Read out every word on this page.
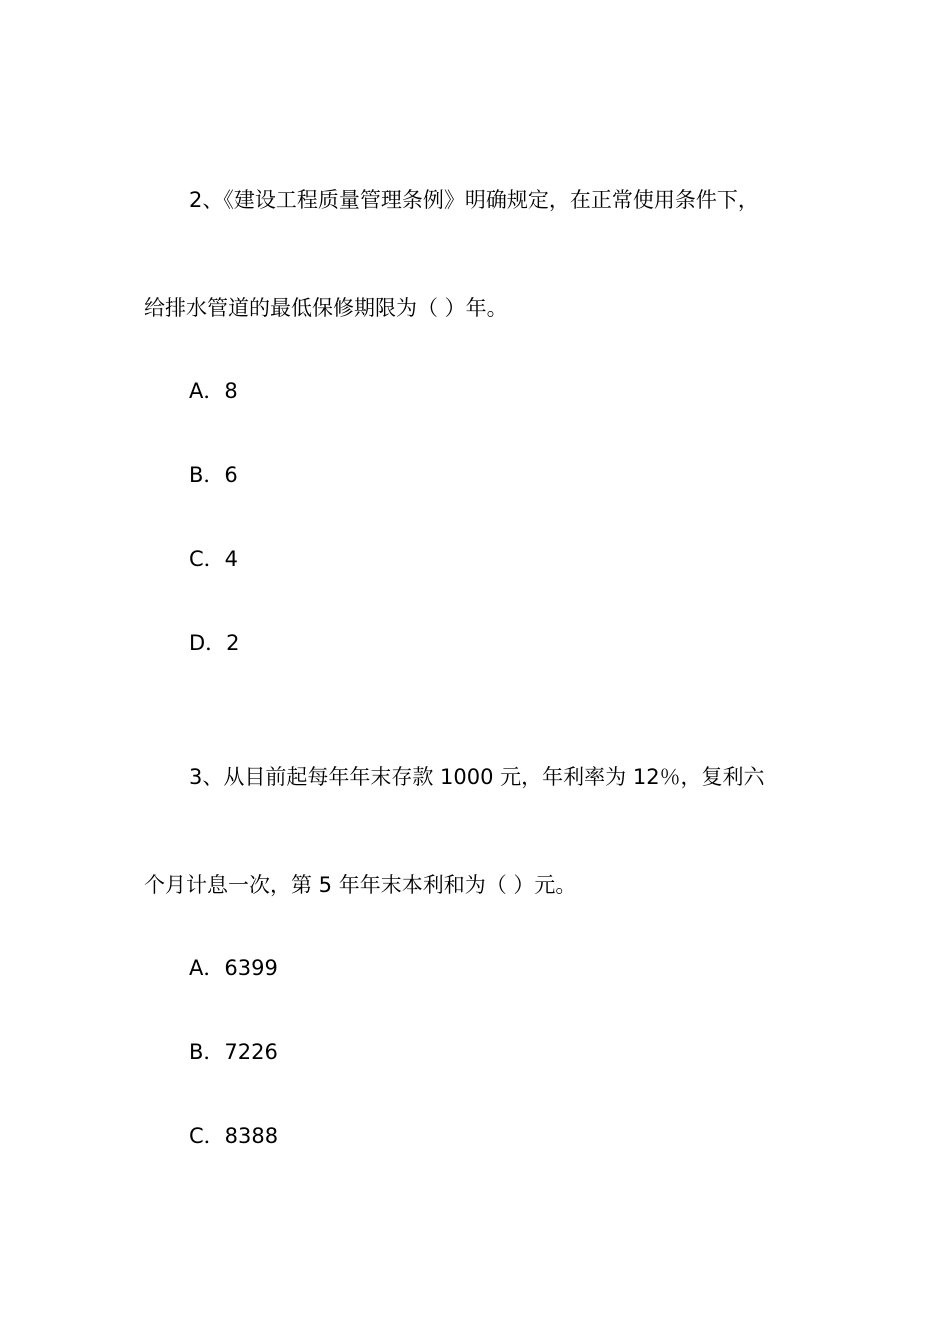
2、《建设工程质量管理条例》明确规定，在正常使用条件下，

给排水管道的最低保修期限为（ ）年。

A．8

B．6

C．4

D．2

3、从目前起每年年末存款 1000 元，年利率为 12％，复利六

个月计息一次，第 5 年年末本利和为（ ）元。

A．6399

B．7226

C．8388
